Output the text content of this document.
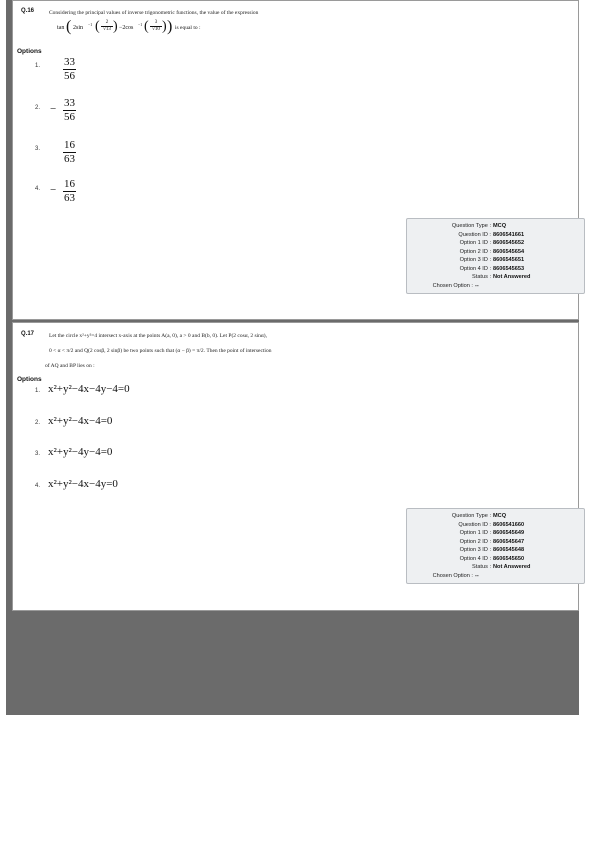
Q.16	Considering the principal values of inverse trigonometric functions, the value of the expression
tan ( 2sin
−1 (	2
√13 ) −2cos
−1 (	3
√10 ) ) is equal to :
Options
1. 33
56
2. − 33
56
3. 16
63
4. − 16
63
Question Type : MCQ
Question ID : 8606541661
Option 1 ID : 8606545652
Option 2 ID : 8606545654
Option 3 ID : 8606545651
Option 4 ID : 8606545653
Status : Not Answered
Chosen Option : --
Q.17	Let the circle x²+y²=4 intersect x-axis at the points A(a, 0), a > 0 and B(b, 0). Let P(2 cosα, 2 sinα),
0 < α < π/2 and Q(2 cosβ, 2 sinβ) be two points such that (α − β) = π/2. Then the point of intersection
of AQ and BP lies on :
Options
1. x²+y²−4x−4y−4=0
2. x²+y²−4x−4=0
3. x²+y²−4y−4=0
4. x²+y²−4x−4y=0
Question Type : MCQ
Question ID : 8606541660
Option 1 ID : 8606545649
Option 2 ID : 8606545647
Option 3 ID : 8606545648
Option 4 ID : 8606545650
Status : Not Answered
Chosen Option : --
